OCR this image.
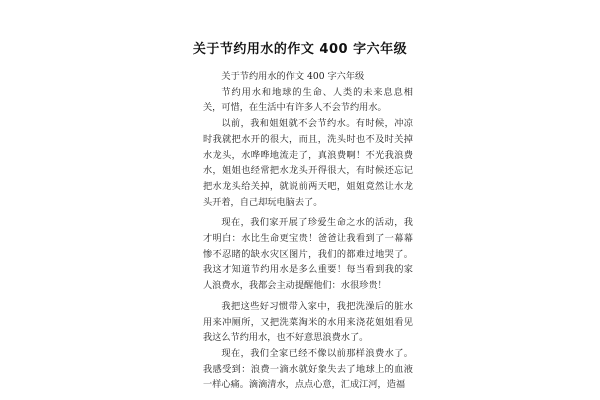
关于节约用水的作文 400 字六年级

关于节约用水的作文 400 字六年级

节约用水和地球的生命、人类的未来息息相关，可惜，在生活中有许多人不会节约用水。

以前，我和姐姐就不会节约水。有时候，冲凉时我就把水开的很大，而且，洗头时也不及时关掉水龙头，水哗哗地流走了，真浪费啊！不光我浪费水，姐姐也经常把水龙头开得很大，有时候还忘记把水龙头给关掉，就说前两天吧，姐姐竟然让水龙头开着，自己却玩电脑去了。

现在，我们家开展了珍爱生命之水的活动，我才明白：水比生命更宝贵！爸爸让我看到了一幕幕惨不忍睹的缺水灾区图片，我们的都难过地哭了。我这才知道节约用水是多么重要！每当看到我的家人浪费水，我都会主动提醒他们：水很珍贵！

我把这些好习惯带入家中，我把洗澡后的脏水用来冲厕所，又把洗菜淘米的水用来浇花姐姐看见我这么节约用水，也不好意思浪费水了。

现在，我们全家已经不像以前那样浪费水了。我感受到：浪费一滴水就好象失去了地球上的血液一样心痛。滴滴清水，点点心意，汇成江河，造福
